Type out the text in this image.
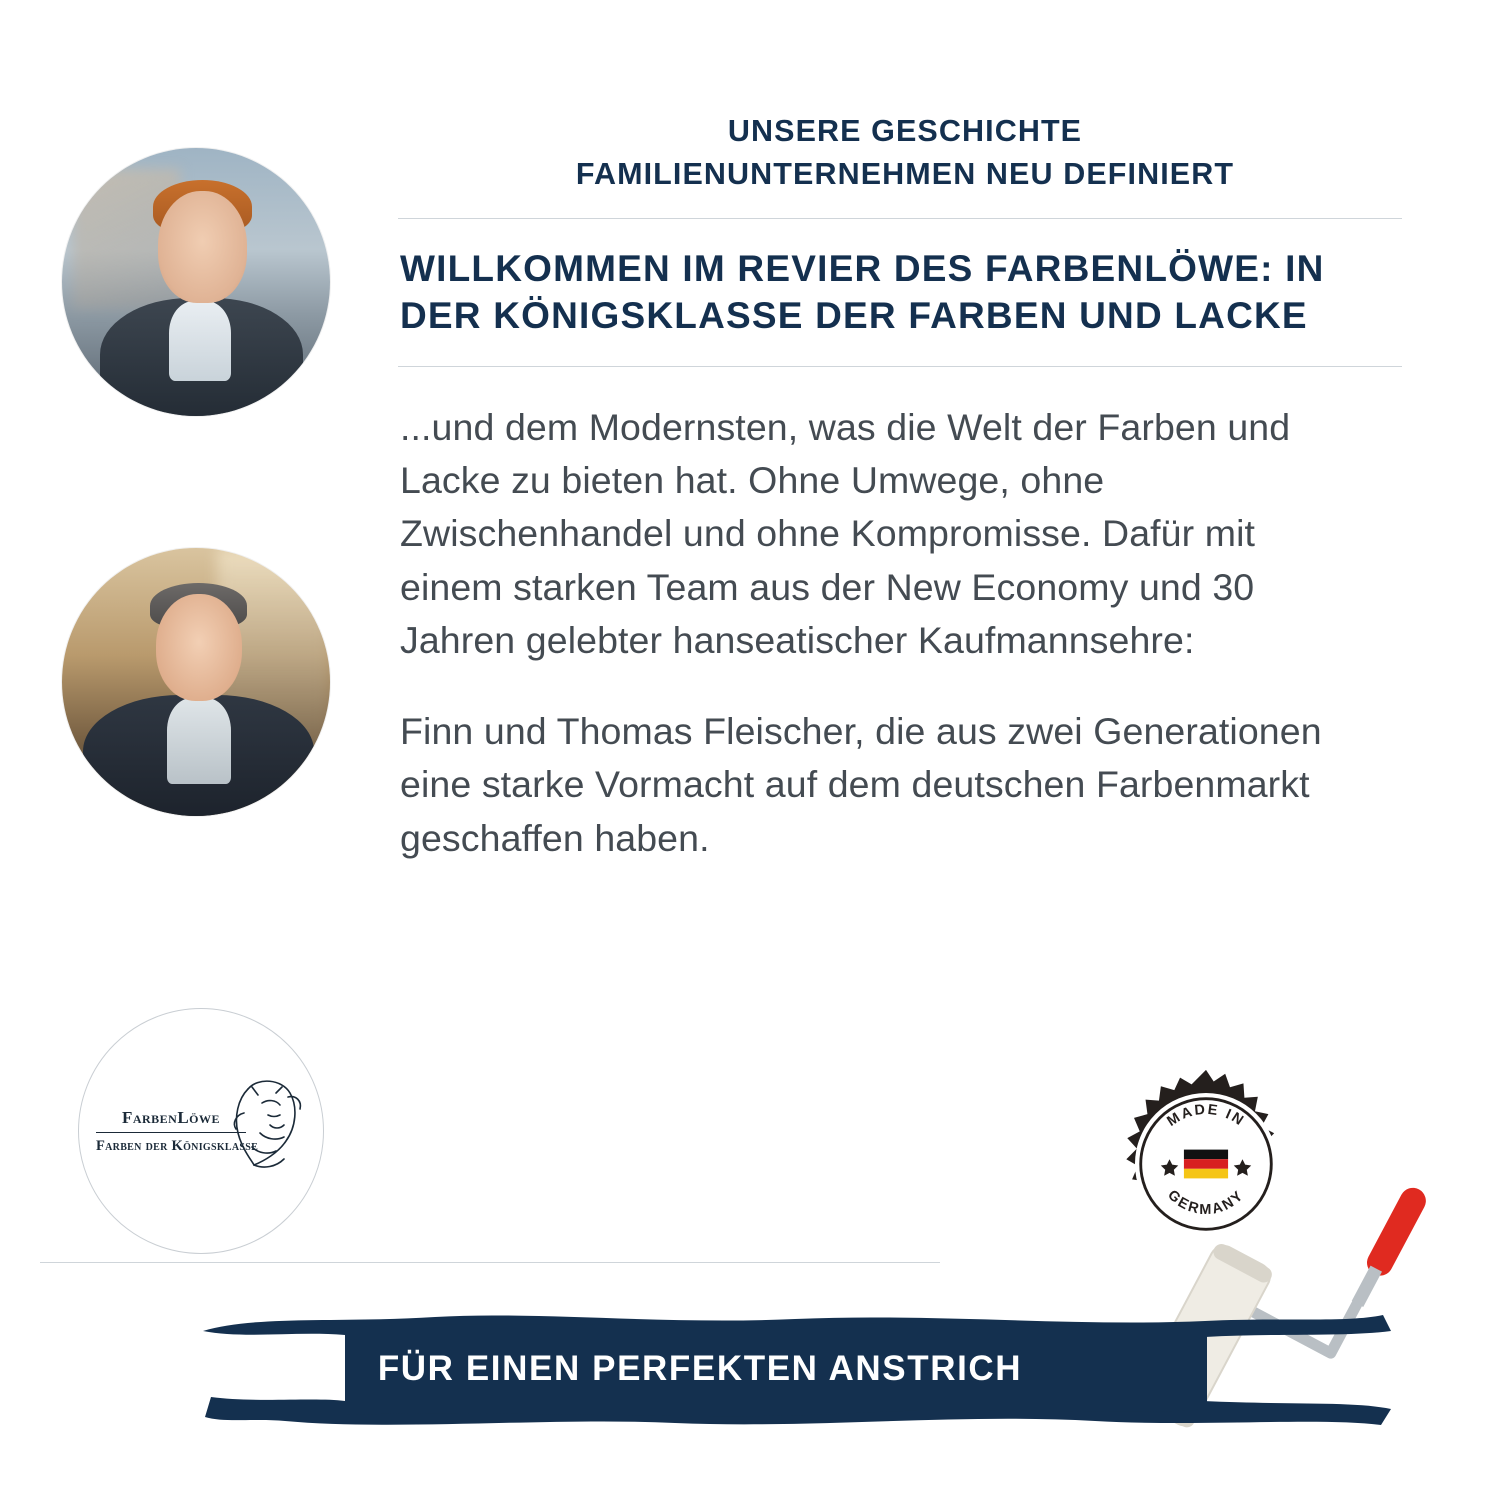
FarbenLöwe
Farben der Königsklasse
UNSERE GESCHICHTE
FAMILIENUNTERNEHMEN NEU DEFINIERT
WILLKOMMEN IM REVIER DES FARBENLÖWE: IN DER KÖNIGSKLASSE DER FARBEN UND LACKE

...und dem Modernsten, was die Welt der Farben und Lacke zu bieten hat. Ohne Umwege, ohne Zwischenhandel und ohne Kompromisse. Dafür mit einem starken Team aus der New Economy und 30 Jahren gelebter hanseatischer Kaufmannsehre:

Finn und Thomas Fleischer, die aus zwei Generationen eine starke Vormacht auf dem deutschen Farbenmarkt geschaffen haben.

MADE IN
GERMANY
FÜR EINEN PERFEKTEN ANSTRICH
